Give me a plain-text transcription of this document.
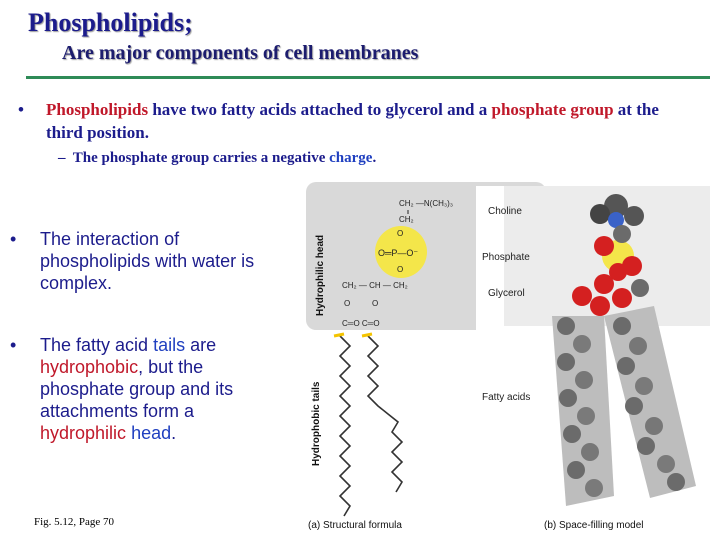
Phospholipids;
Are major components of cell membranes
• Phospholipids have two fatty acids attached to glycerol and a phosphate group at the third position.
– The phosphate group carries a negative charge.
• The interaction of phospholipids with water is complex.
• The fatty acid tails are hydrophobic, but the phosphate group and its attachments form a hydrophilic head.
Fig. 5.12, Page 70
Hydrophilic head
Hydrophobic tails
CH₂ —N(CH₃)₃
CH₂
O
O═P—O⁻
O
CH₂ — CH — CH₂
O	O
C═O C═O
Choline
Phosphate
Glycerol
Fatty acids
(a) Structural formula	(b) Space-filling model
